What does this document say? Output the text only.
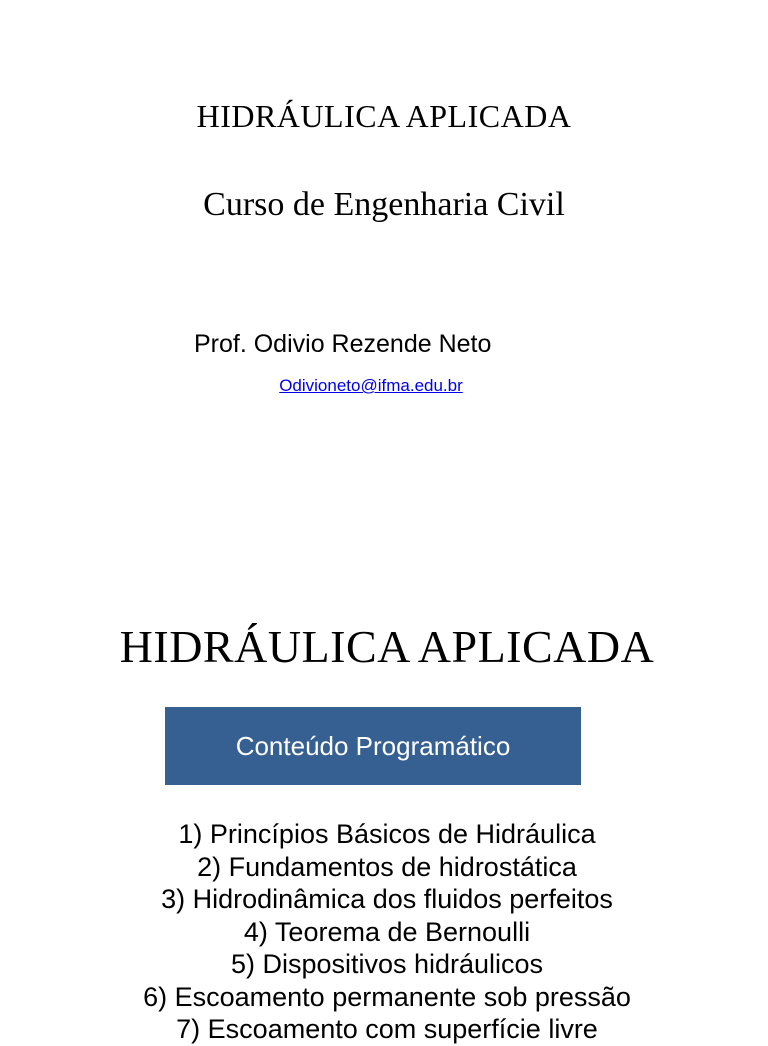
HIDRÁULICA APLICADA
Curso de Engenharia Civil
Prof. Odivio Rezende Neto
Odivioneto@ifma.edu.br
HIDRÁULICA APLICADA
Conteúdo Programático
1) Princípios Básicos de Hidráulica
2) Fundamentos de hidrostática
3) Hidrodinâmica dos fluidos perfeitos
4) Teorema de Bernoulli
5) Dispositivos hidráulicos
6) Escoamento permanente sob pressão
7) Escoamento com superfície livre
